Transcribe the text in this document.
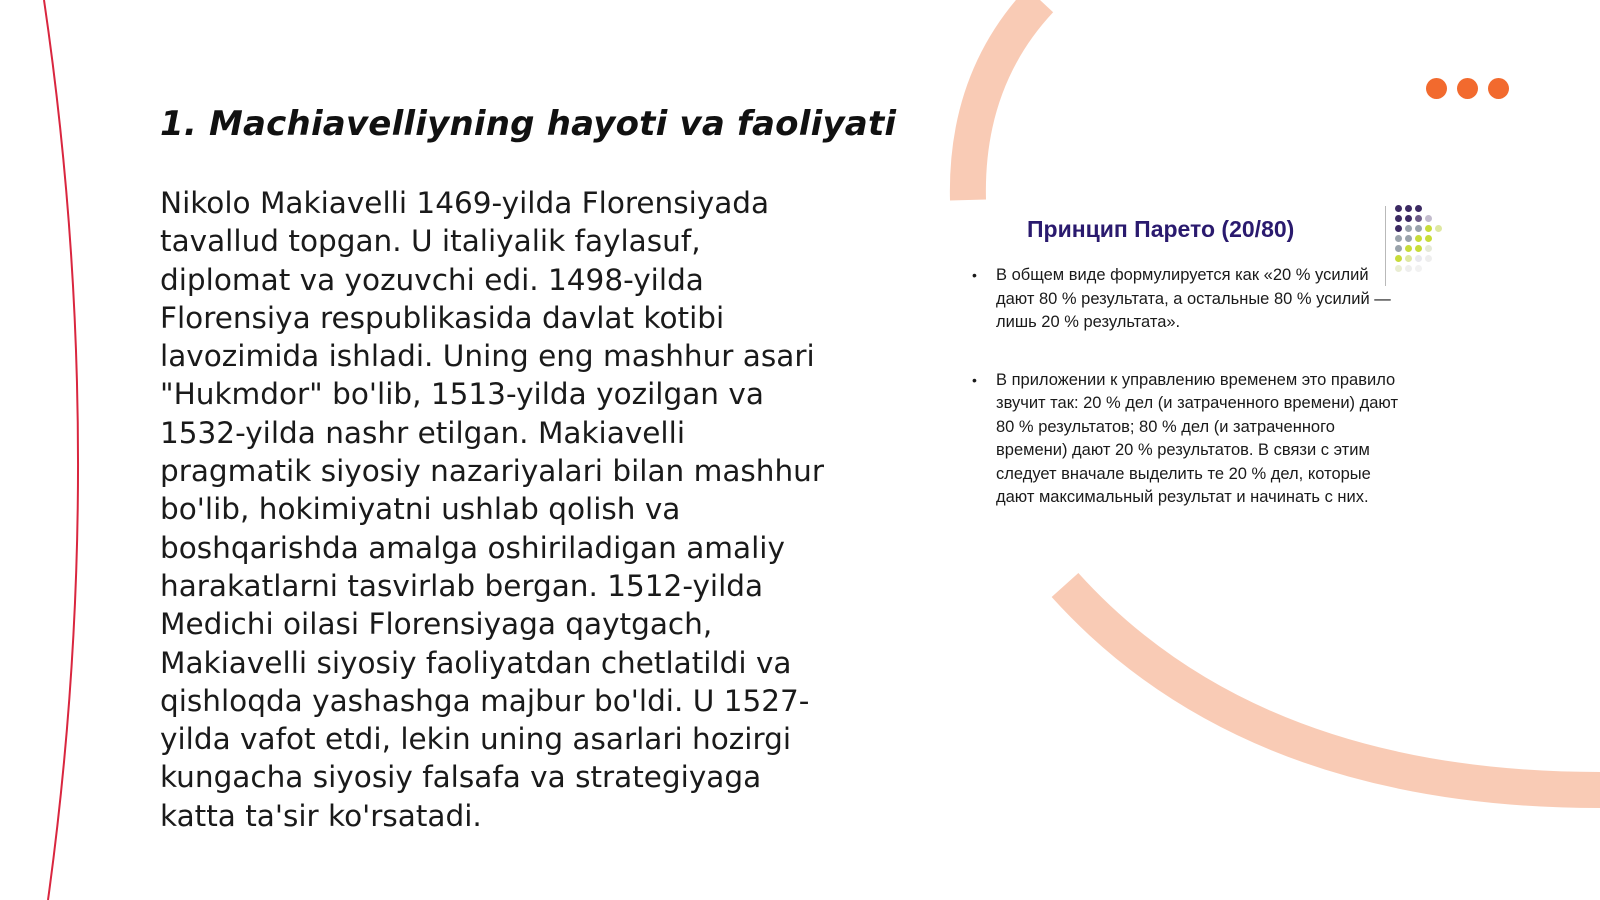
1. Machiavelliyning hayoti va faoliyati

Nikolo Makiavelli 1469-yilda Florensiyada tavallud topgan. U italiyalik faylasuf, diplomat va yozuvchi edi. 1498-yilda Florensiya respublikasida davlat kotibi lavozimida ishladi. Uning eng mashhur asari "Hukmdor" bo'lib, 1513-yilda yozilgan va 1532-yilda nashr etilgan. Makiavelli pragmatik siyosiy nazariyalari bilan mashhur bo'lib, hokimiyatni ushlab qolish va boshqarishda amalga oshiriladigan amaliy harakatlarni tasvirlab bergan. 1512-yilda Medichi oilasi Florensiyaga qaytgach, Makiavelli siyosiy faoliyatdan chetlatildi va qishloqda yashashga majbur bo'ldi. U 1527-yilda vafot etdi, lekin uning asarlari hozirgi kungacha siyosiy falsafa va strategiyaga katta ta'sir ko'rsatadi.

Принцип Парето (20/80)
• В общем виде формулируется как «20 % усилий дают 80 % результата, а остальные 80 % усилий — лишь 20 % результата».
• В приложении к управлению временем это правило звучит так: 20 % дел (и затраченного времени) дают 80 % результатов; 80 % дел (и затраченного времени) дают 20 % результатов. В связи с этим следует вначале выделить те 20 % дел, которые дают максимальный результат и начинать с них.
